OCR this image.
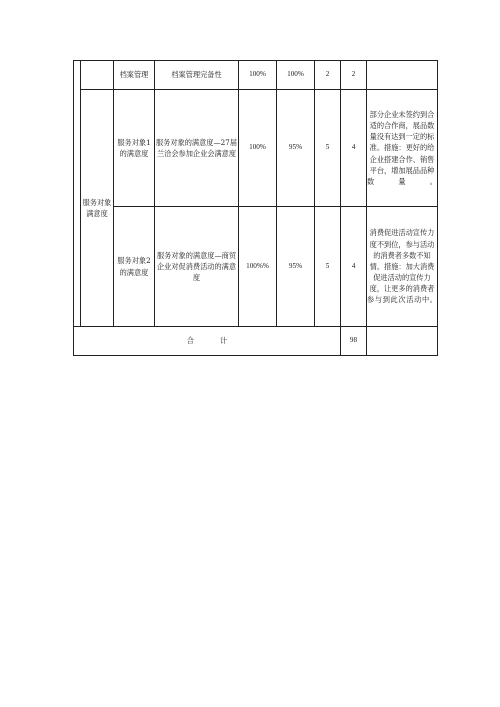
		档案管理	档案管理完备性	100%	100%	2	2	
	服务对象满意度	服务对象1的满意度	服务对象的满意度—27届兰洽会参加企业会满意度	100%	95%	5	4	部分企业未签约到合适的合作商，展品数量没有达到一定的标准。措施：更好的给企业搭建合作、销售平台，增加展品品种数量。
		服务对象2的满意度	服务对象的满意度—商贸企业对促消费活动的满意度	100%%	95%	5	4	消费促进活动宣传力度不到位，参与活动的消费者多数不知情。措施：加大消费促进活动的宣传力度，让更多的消费者参与到此次活动中。
合计							98	
